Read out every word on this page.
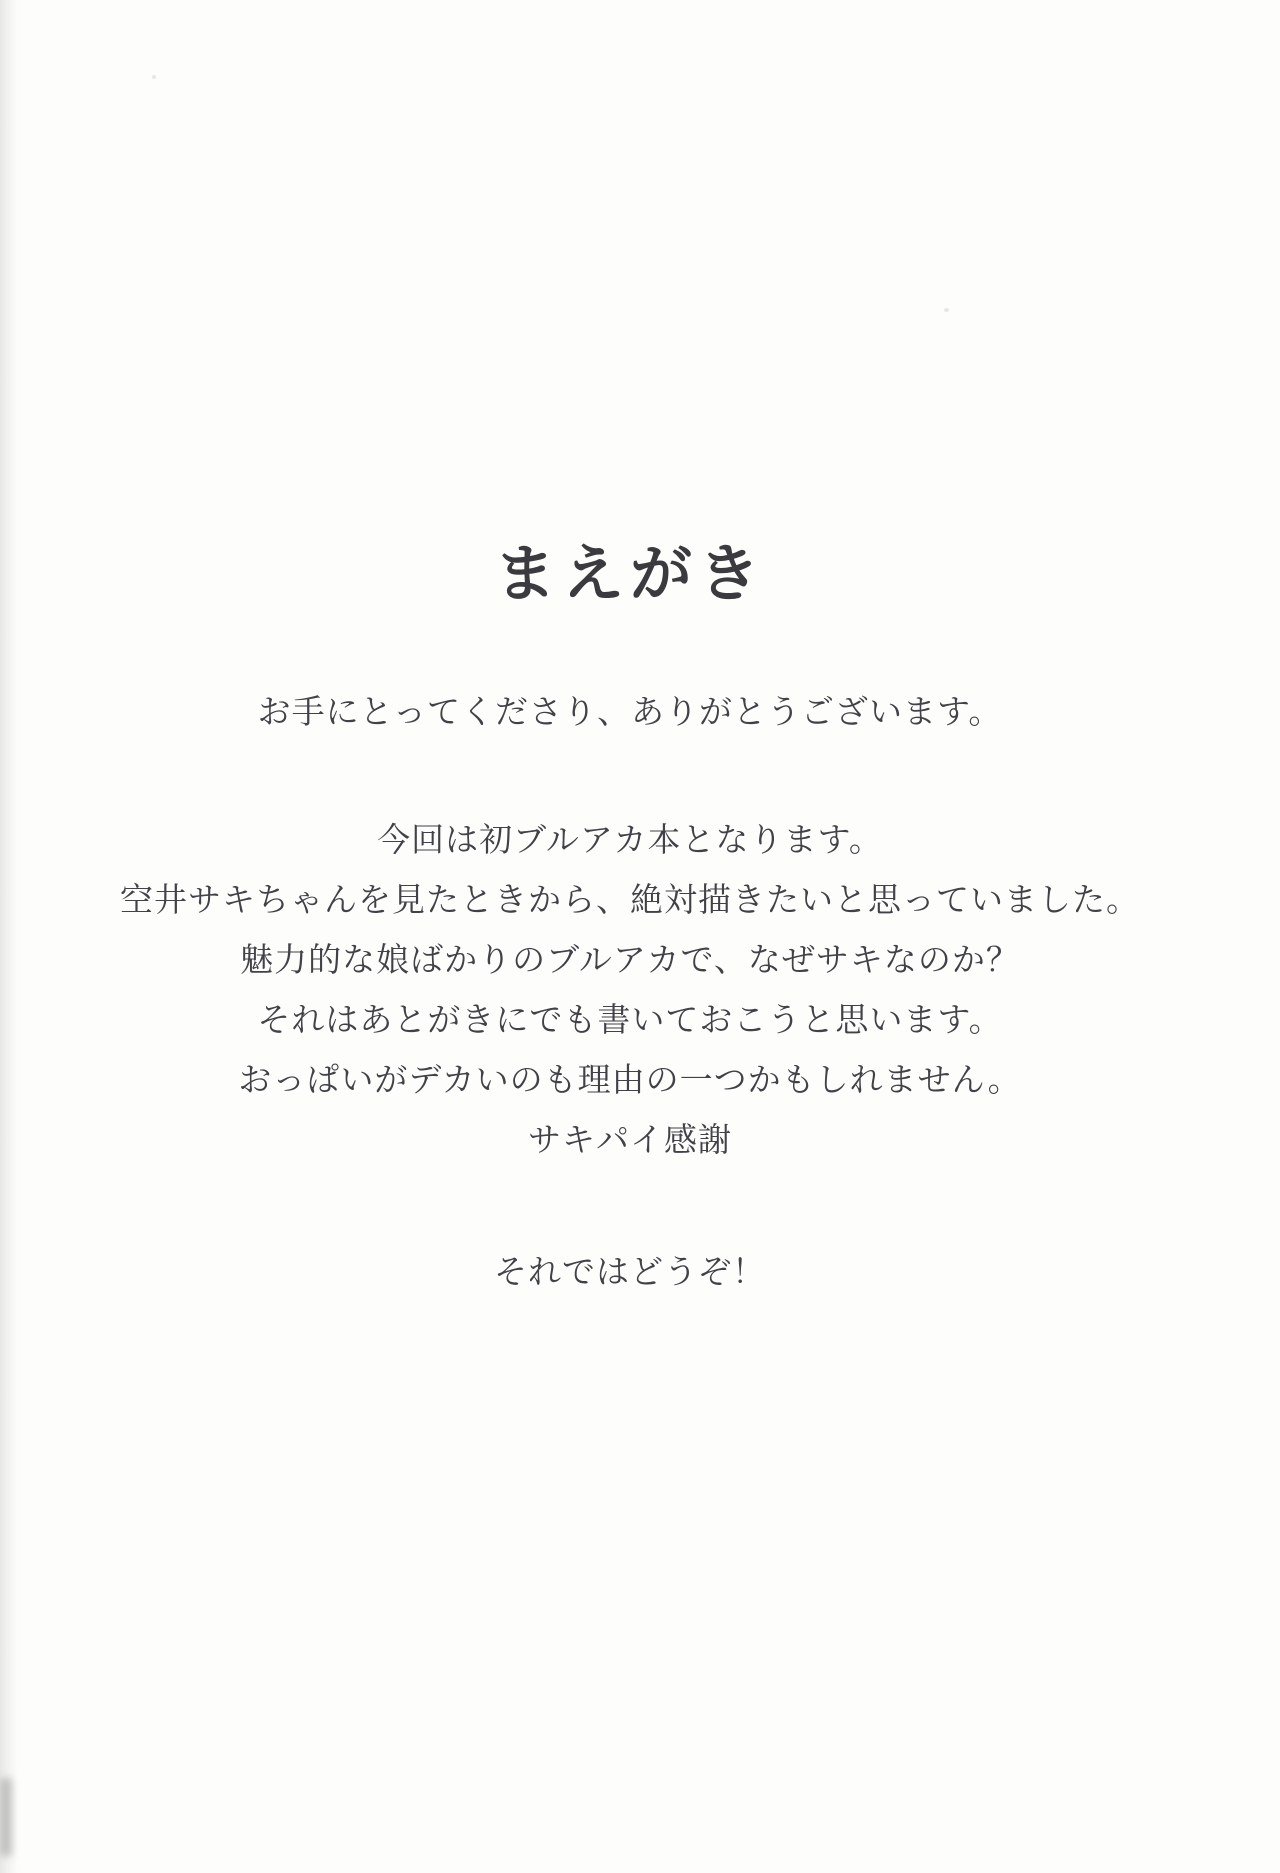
まえがき
お手にとってくださり、ありがとうございます。
今回は初ブルアカ本となります。
空井サキちゃんを見たときから、絶対描きたいと思っていました。
魅力的な娘ばかりのブルアカで、なぜサキなのか？
それはあとがきにでも書いておこうと思います。
おっぱいがデカいのも理由の一つかもしれません。
サキパイ感謝
それではどうぞ！
